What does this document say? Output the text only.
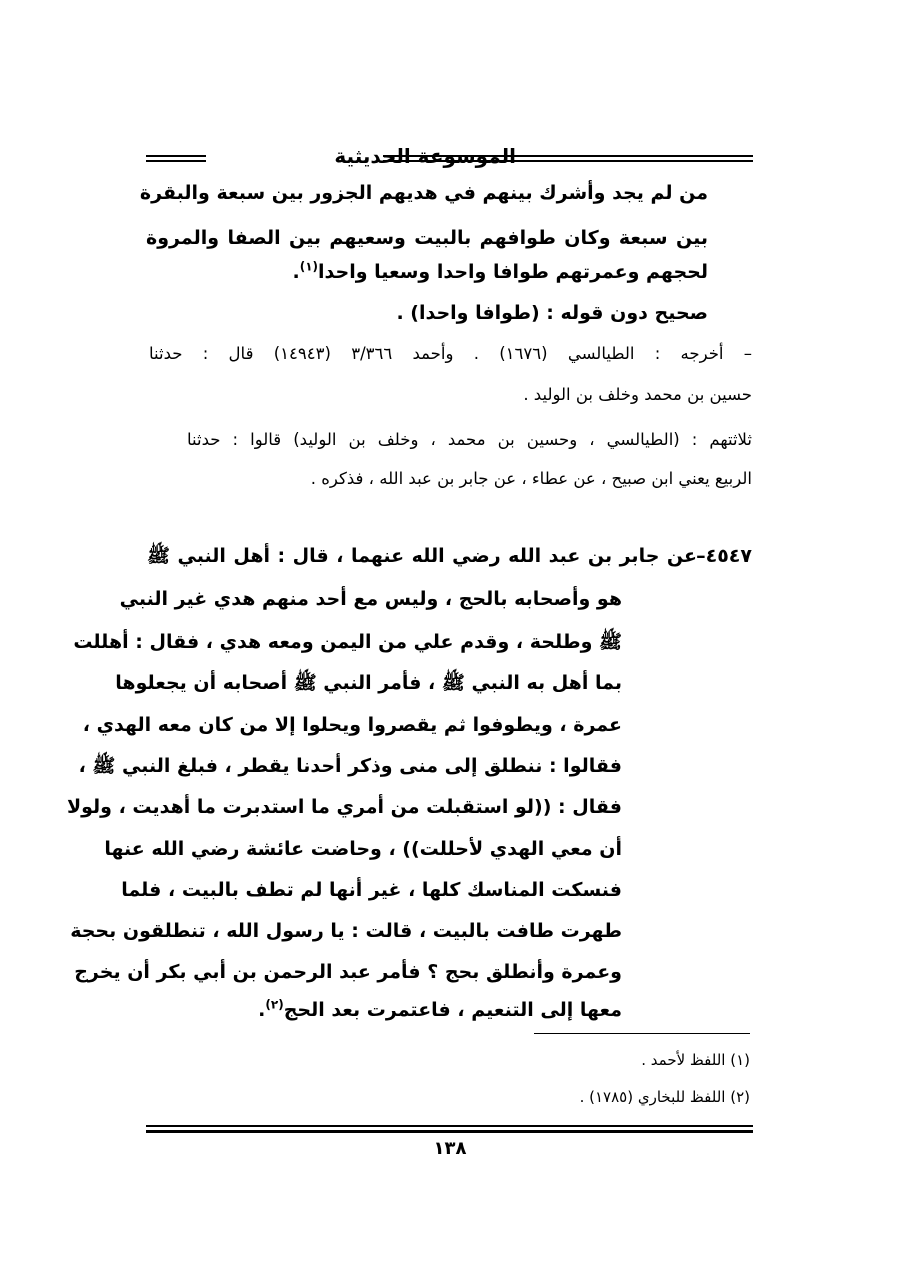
الموسوعة الحديثية
من لم يجد وأشرك بينهم في هديهم الجزور بين سبعة والبقرة
بين سبعة وكان طوافهم بالبيت وسعيهم بين الصفا والمروة
لحجهم وعمرتهم طوافا واحدا وسعيا واحدا$^{(١)}$.
صحيح دون قوله : (طوافا واحدا) .
– أخرجه : الطيالسي (١٦٧٦) . وأحمد ٣/٣٦٦ (١٤٩٤٣) قال : حدثنا
حسين بن محمد وخلف بن الوليد .
ثلاثتهم : (الطيالسي ، وحسين بن محمد ، وخلف بن الوليد) قالوا : حدثنا
الربيع يعني ابن صبيح ، عن عطاء ، عن جابر بن عبد الله ، فذكره .
٤٥٤٧–
عن جابر بن عبد الله رضي الله عنهما ، قال : أهل النبي ﷺ
هو وأصحابه بالحج ، وليس مع أحد منهم هدي غير النبي
ﷺ وطلحة ، وقدم علي من اليمن ومعه هدي ، فقال : أهللت
بما أهل به النبي ﷺ ، فأمر النبي ﷺ أصحابه أن يجعلوها
عمرة ، ويطوفوا ثم يقصروا ويحلوا إلا من كان معه الهدي ،
فقالوا : ننطلق إلى منى وذكر أحدنا يقطر ، فبلغ النبي ﷺ ،
فقال : ((لو استقبلت من أمري ما استدبرت ما أهديت ، ولولا
أن معي الهدي لأحللت)) ، وحاضت عائشة رضي الله عنها
فنسكت المناسك كلها ، غير أنها لم تطف بالبيت ، فلما
طهرت طافت بالبيت ، قالت : يا رسول الله ، تنطلقون بحجة
وعمرة وأنطلق بحج ؟ فأمر عبد الرحمن بن أبي بكر أن يخرج
معها إلى التنعيم ، فاعتمرت بعد الحج$^{(٢)}$.
(١) اللفظ لأحمد .
(٢) اللفظ للبخاري (١٧٨٥) .
١٣٨
